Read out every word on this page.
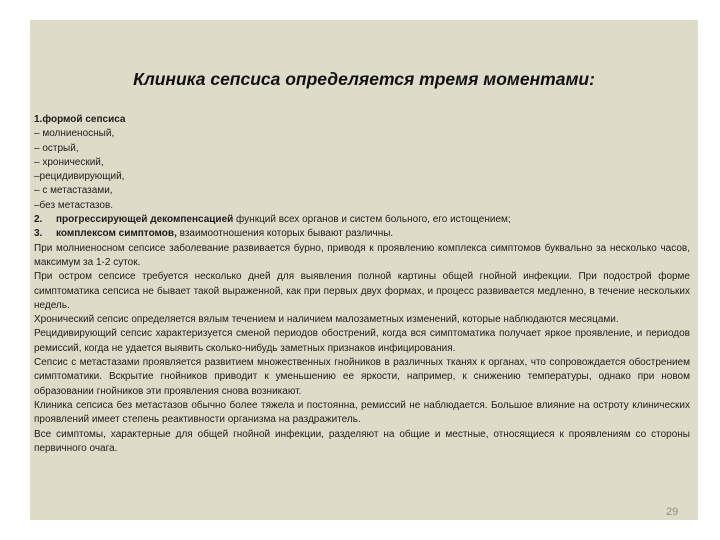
Клиника сепсиса определяется тремя моментами:
1.формой сепсиса
– молниеносный,
– острый,
– хронический,
–рецидивирующий,
– с метастазами,
–без метастазов.
2. прогрессирующей декомпенсацией функций всех органов и систем больного, его истощением;
3. комплексом симптомов, взаимоотношения которых бывают различны.
При молниеносном сепсисе заболевание развивается бурно, приводя к проявлению комплекса симптомов буквально за несколько часов, максимум за 1-2 суток.
При остром сепсисе требуется несколько дней для выявления полной картины общей гнойной инфекции. При подострой форме симптоматика сепсиса не бывает такой выраженной, как при первых двух формах, и процесс развивается медленно, в течение нескольких недель.
Хронический сепсис определяется вялым течением и наличием малозаметных изменений, которые наблюдаются месяцами.
Рецидивирующий сепсис характеризуется сменой периодов обострений, когда вся симптоматика получает яркое проявление, и периодов ремиссий, когда не удается выявить сколько-нибудь заметных признаков инфицирования.
Сепсис с метастазами проявляется развитием множественных гнойников в различных тканях к органах, что сопровождается обострением симптоматики. Вскрытие гнойников приводит к уменьшению ее яркости, например, к снижению температуры, однако при новом образовании гнойников эти проявления снова возникают.
Клиника сепсиса без метастазов обычно более тяжела и постоянна, ремиссий не наблюдается. Большое влияние на остроту клинических проявлений имеет степень реактивности организма на раздражитель.
Все симптомы, характерные для общей гнойной инфекции, разделяют на общие и местные, относящиеся к проявлениям со стороны первичного очага.
29
